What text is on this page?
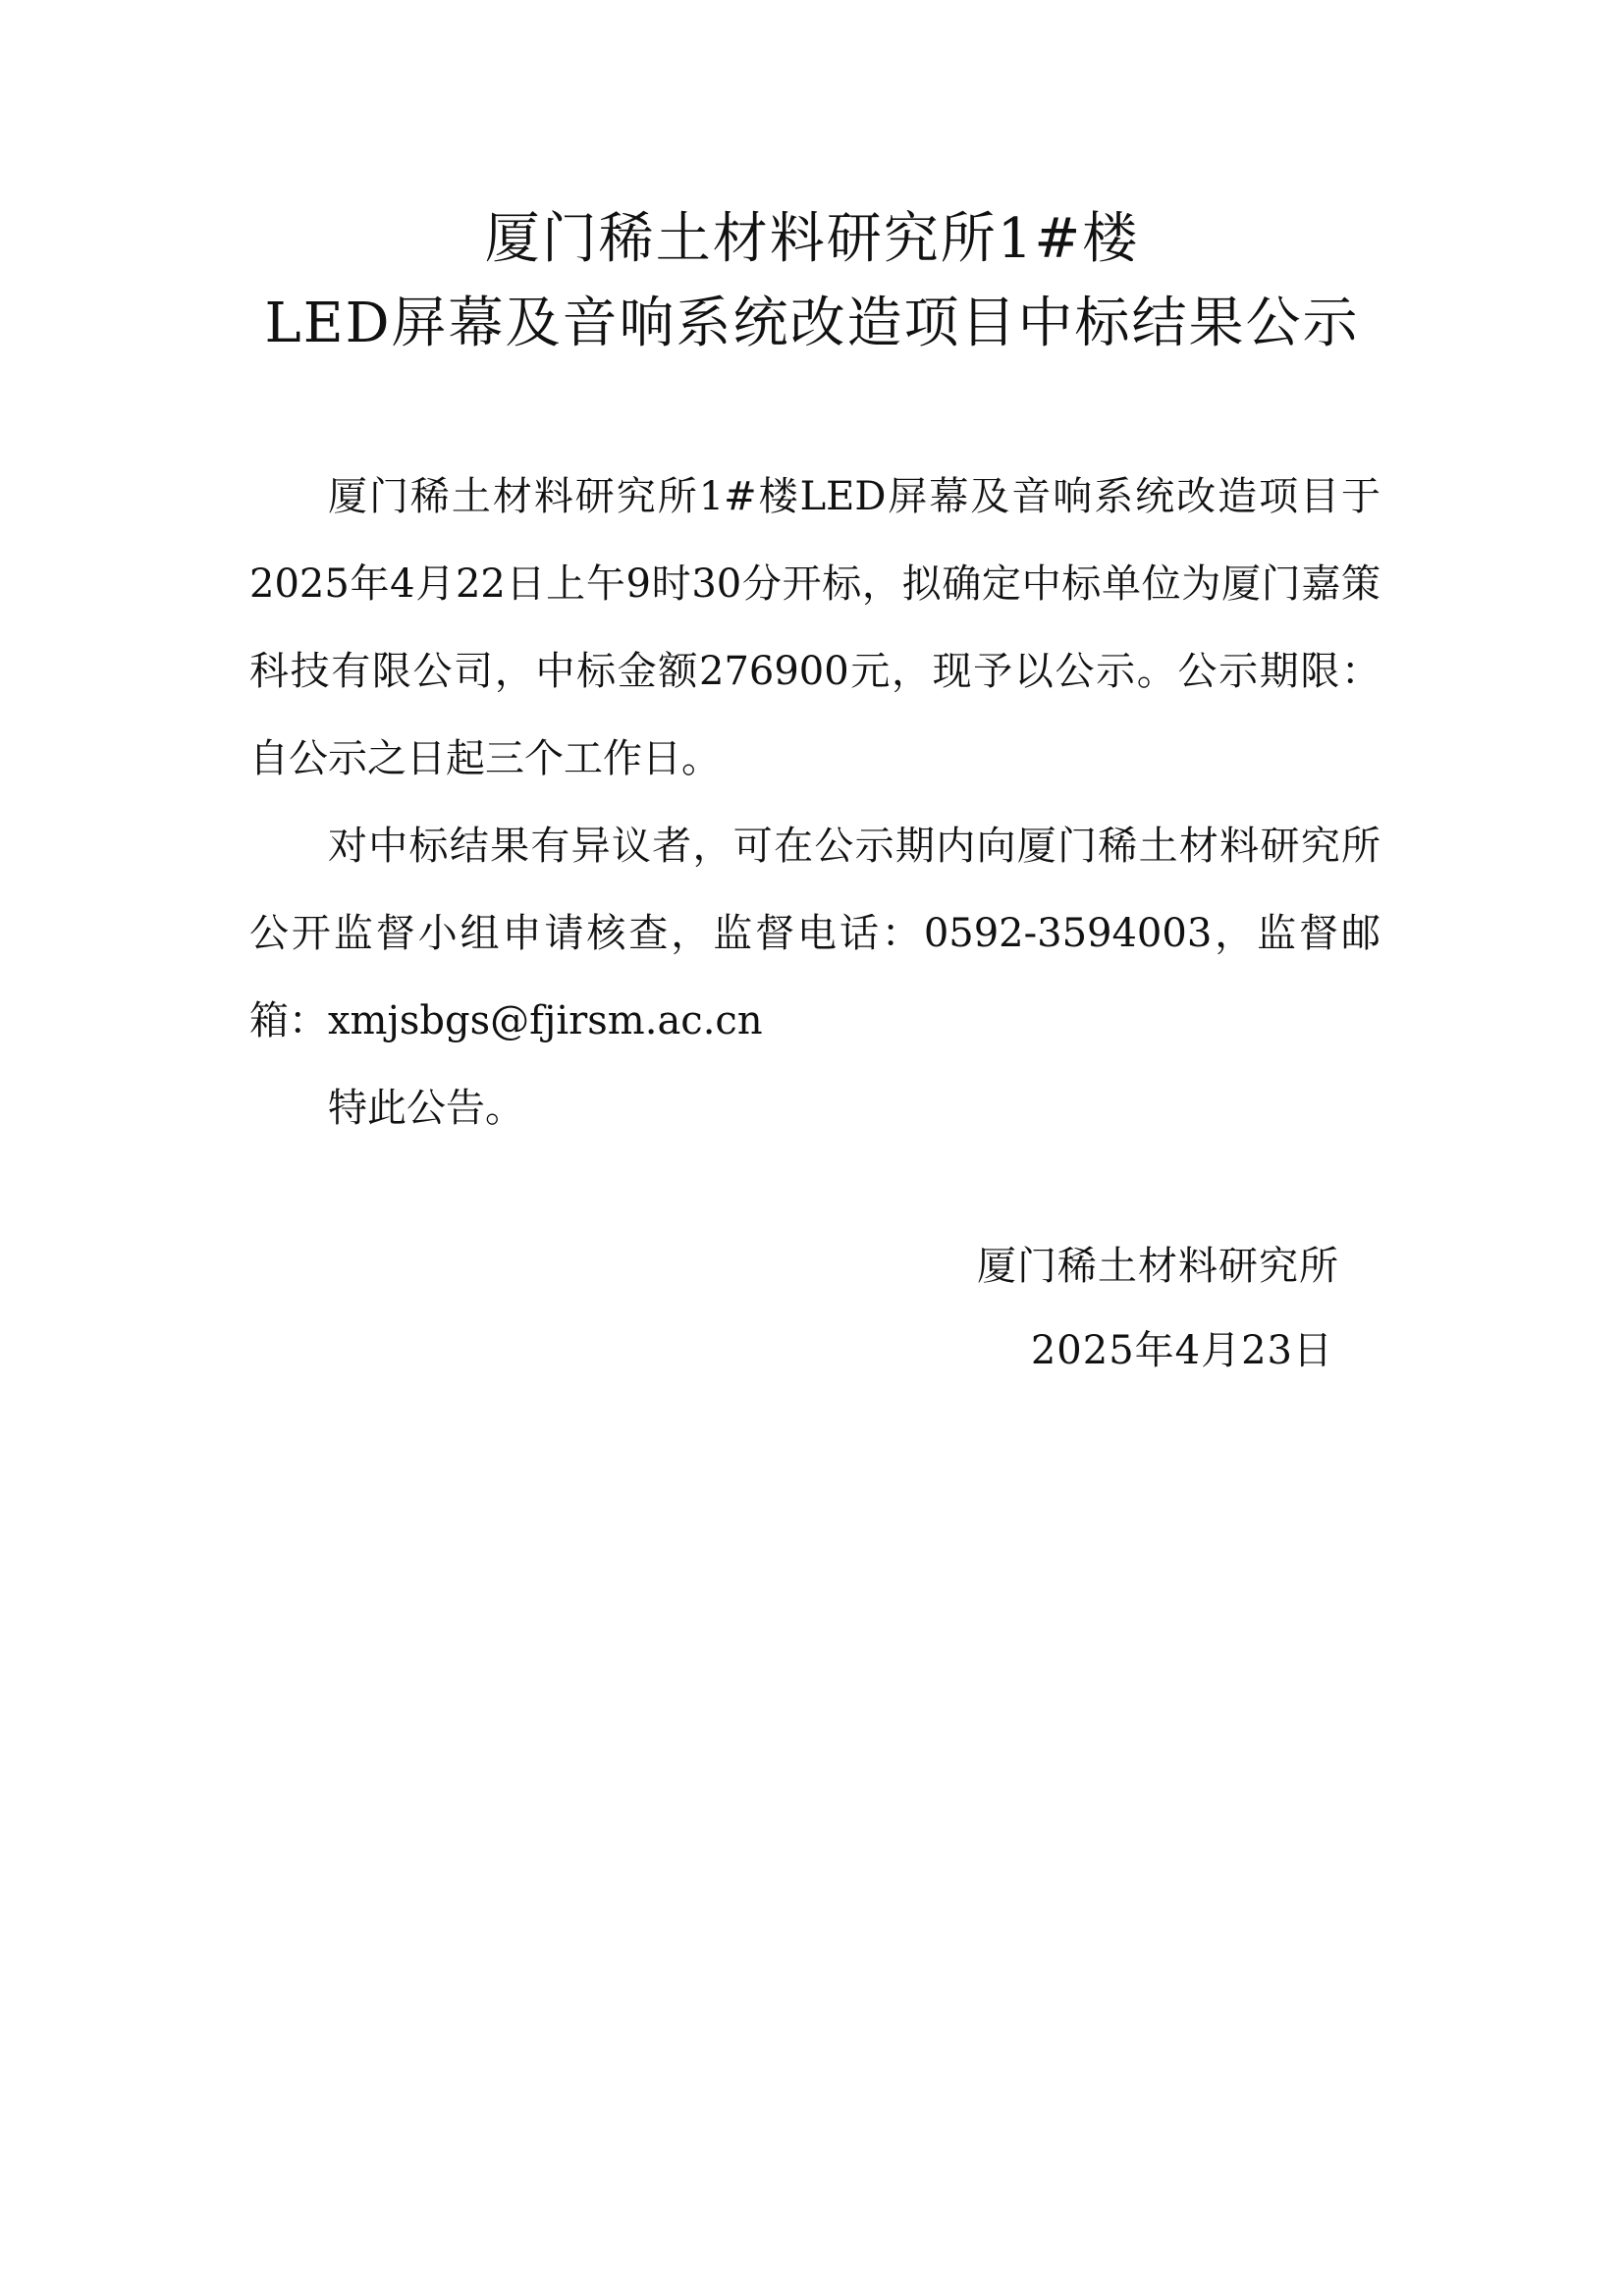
厦门稀土材料研究所1#楼
LED屏幕及音响系统改造项目中标结果公示

厦门稀土材料研究所1#楼LED屏幕及音响系统改造项目于2025年4月22日上午9时30分开标，拟确定中标单位为厦门嘉策科技有限公司，中标金额276900元，现予以公示。公示期限：自公示之日起三个工作日。

对中标结果有异议者，可在公示期内向厦门稀土材料研究所公开监督小组申请核查，监督电话：0592-3594003，监督邮箱：xmjsbgs@fjirsm.ac.cn

特此公告。

厦门稀土材料研究所
2025年4月23日
